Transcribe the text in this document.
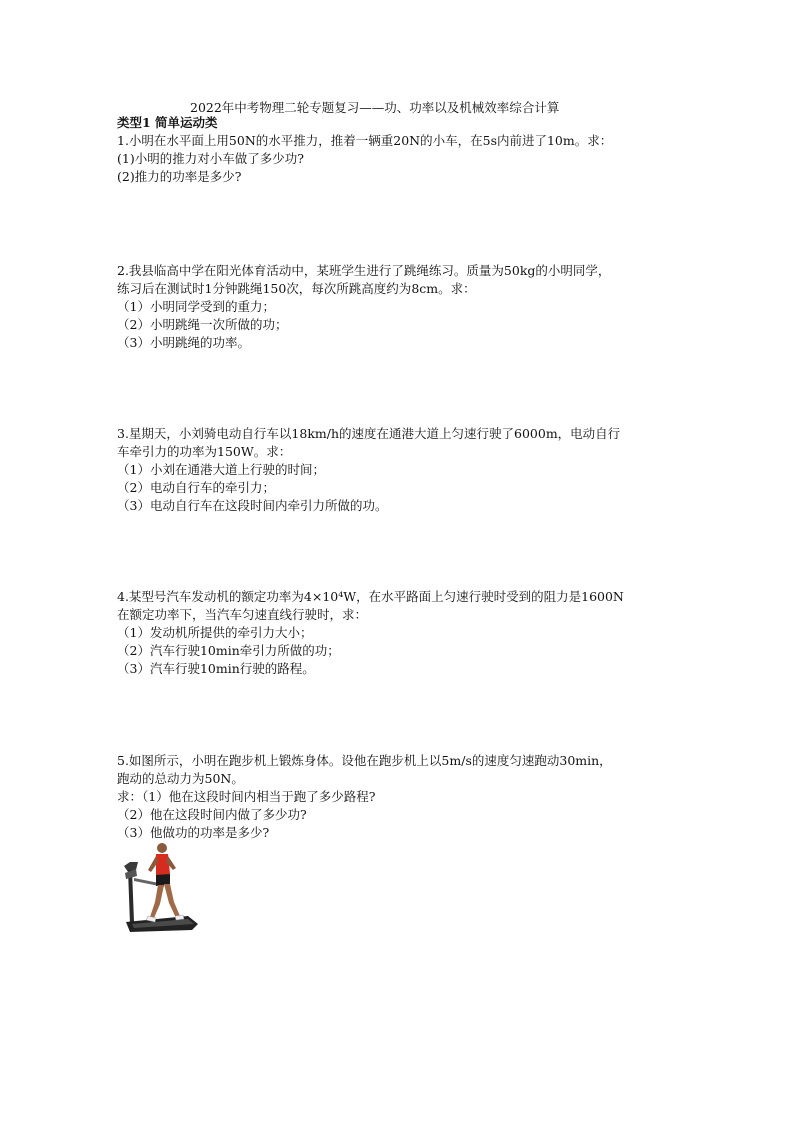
2022年中考物理二轮专题复习——功、功率以及机械效率综合计算
类型1 简单运动类
1.小明在水平面上用50N的水平推力，推着一辆重20N的小车，在5s内前进了10m。求：
(1)小明的推力对小车做了多少功?
(2)推力的功率是多少?
2.我县临高中学在阳光体育活动中，某班学生进行了跳绳练习。质量为50kg的小明同学，
练习后在测试时1分钟跳绳150次，每次所跳高度约为8cm。求：
（1）小明同学受到的重力；
（2）小明跳绳一次所做的功；
（3）小明跳绳的功率。
3.星期天，小刘骑电动自行车以18km/h的速度在通港大道上匀速行驶了6000m，电动自行
车牵引力的功率为150W。求：
（1）小刘在通港大道上行驶的时间；
（2）电动自行车的牵引力；
（3）电动自行车在这段时间内牵引力所做的功。
4.某型号汽车发动机的额定功率为4×10⁴W，在水平路面上匀速行驶时受到的阻力是1600N
在额定功率下，当汽车匀速直线行驶时，求：
（1）发动机所提供的牵引力大小；
（2）汽车行驶10min牵引力所做的功；
（3）汽车行驶10min行驶的路程。
5.如图所示，小明在跑步机上锻炼身体。设他在跑步机上以5m/s的速度匀速跑动30min，
跑动的总动力为50N。
求：（1）他在这段时间内相当于跑了多少路程?
（2）他在这段时间内做了多少功?
（3）他做功的功率是多少?
